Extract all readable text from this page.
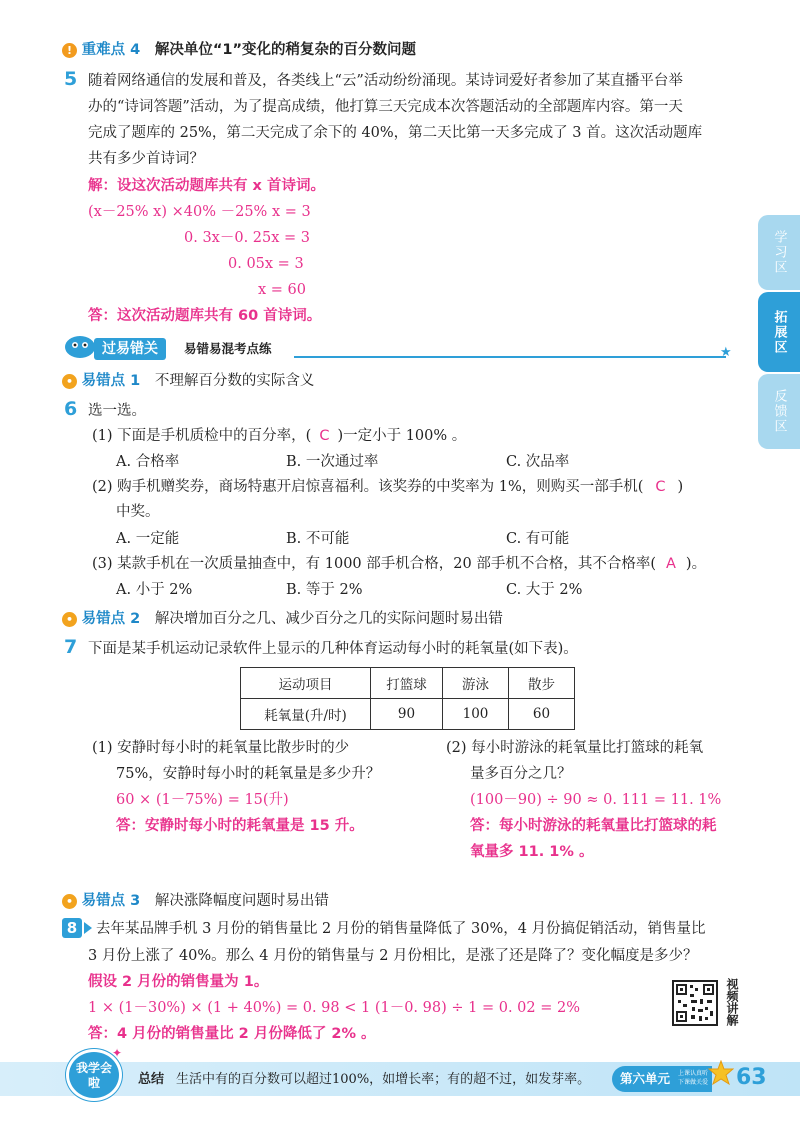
! 重难点 4 解决单位“1”变化的稍复杂的百分数问题
5 随着网络通信的发展和普及，各类线上“云”活动纷纷涌现。某诗词爱好者参加了某直播平台举
办的“诗词答题”活动，为了提高成绩，他打算三天完成本次答题活动的全部题库内容。第一天
完成了题库的 25%，第二天完成了余下的 40%，第二天比第一天多完成了 3 首。这次活动题库
共有多少首诗词？
解：设这次活动题库共有 x 首诗词。
(x－25% x) ×40% －25% x = 3
0. 3x－0. 25x = 3
0. 05x = 3
x = 60
答：这次活动题库共有 60 首诗词。
过易错关	易错易混考点练	★
学习区
拓展区
反馈区
• 易错点 1 不理解百分数的实际含义
6 选一选。
(1) 下面是手机质检中的百分率，( C )一定小于 100% 。
A. 合格率	B. 一次通过率	C. 次品率
(2) 购手机赠奖券，商场特惠开启惊喜福利。该奖券的中奖率为 1%，则购买一部手机( C )
中奖。
A. 一定能	B. 不可能	C. 有可能
(3) 某款手机在一次质量抽查中，有 1000 部手机合格，20 部手机不合格，其不合格率( A )。
A. 小于 2%	B. 等于 2%	C. 大于 2%
• 易错点 2 解决增加百分之几、减少百分之几的实际问题时易出错
7 下面是某手机运动记录软件上显示的几种体育运动每小时的耗氧量(如下表)。
运动项目	打篮球	游泳	散步
耗氧量(升/时)	90	100	60
(1) 安静时每小时的耗氧量比散步时的少
75%，安静时每小时的耗氧量是多少升？
60 × (1－75%) = 15(升)
答：安静时每小时的耗氧量是 15 升。
(2) 每小时游泳的耗氧量比打篮球的耗氧
量多百分之几？
(100－90) ÷ 90 ≈ 0. 111 = 11. 1%
答：每小时游泳的耗氧量比打篮球的耗
氧量多 11. 1% 。
• 易错点 3 解决涨降幅度问题时易出错
8	去年某品牌手机 3 月份的销售量比 2 月份的销售量降低了 30%，4 月份搞促销活动，销售量比
3 月份上涨了 40%。那么 4 月份的销售量与 2 月份相比，是涨了还是降了？变化幅度是多少？
假设 2 月份的销售量为 1。
1 × (1－30%) × (1 + 40%) = 0. 98 < 1 (1－0. 98) ÷ 1 = 0. 02 = 2%
答：4 月份的销售量比 2 月份降低了 2% 。
视频讲解
我学会啦
✦
总结 生活中有的百分数可以超过100%，如增长率；有的超不过，如发芽率。 第六单元 上课认真听
下课做关爱 63
